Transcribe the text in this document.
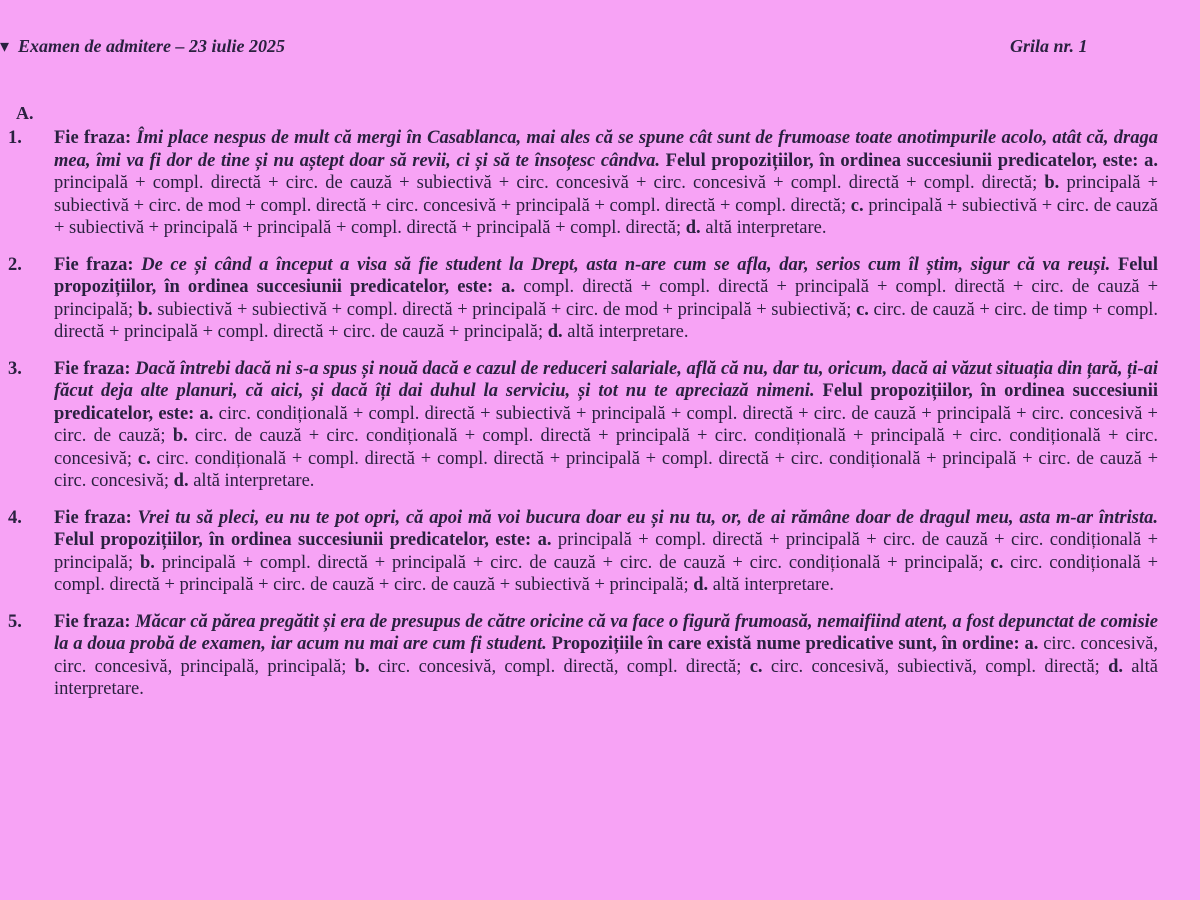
▾ Examen de admitere – 23 iulie 2025	Grila nr. 1
A.
1. Fie fraza: Îmi place nespus de mult că mergi în Casablanca, mai ales că se spune cât sunt de frumoase toate anotimpurile acolo, atât că, draga mea, îmi va fi dor de tine și nu aștept doar să revii, ci și să te însoțesc cândva. Felul propozițiilor, în ordinea succesiunii predicatelor, este: a. principală + compl. directă + circ. de cauză + subiectivă + circ. concesivă + circ. concesivă + compl. directă + compl. directă; b. principală + subiectivă + circ. de mod + compl. directă + circ. concesivă + principală + compl. directă + compl. directă; c. principală + subiectivă + circ. de cauză + subiectivă + principală + principală + compl. directă + principală + compl. directă; d. altă interpretare.
2. Fie fraza: De ce și când a început a visa să fie student la Drept, asta n-are cum se afla, dar, serios cum îl știm, sigur că va reuși. Felul propozițiilor, în ordinea succesiunii predicatelor, este: a. compl. directă + compl. directă + principală + compl. directă + circ. de cauză + principală; b. subiectivă + subiectivă + compl. directă + principală + circ. de mod + principală + subiectivă; c. circ. de cauză + circ. de timp + compl. directă + principală + compl. directă + circ. de cauză + principală; d. altă interpretare.
3. Fie fraza: Dacă întrebi dacă ni s-a spus și nouă dacă e cazul de reduceri salariale, află că nu, dar tu, oricum, dacă ai văzut situația din țară, ți-ai făcut deja alte planuri, că aici, și dacă îți dai duhul la serviciu, și tot nu te apreciază nimeni. Felul propozițiilor, în ordinea succesiunii predicatelor, este: a. circ. condițională + compl. directă + subiectivă + principală + compl. directă + circ. de cauză + principală + circ. concesivă + circ. de cauză; b. circ. de cauză + circ. condițională + compl. directă + principală + circ. condițională + principală + circ. condițională + circ. concesivă; c. circ. condițională + compl. directă + compl. directă + principală + compl. directă + circ. condițională + principală + circ. de cauză + circ. concesivă; d. altă interpretare.
4. Fie fraza: Vrei tu să pleci, eu nu te pot opri, că apoi mă voi bucura doar eu și nu tu, or, de ai rămâne doar de dragul meu, asta m-ar întrista. Felul propozițiilor, în ordinea succesiunii predicatelor, este: a. principală + compl. directă + principală + circ. de cauză + circ. condițională + principală; b. principală + compl. directă + principală + circ. de cauză + circ. de cauză + circ. condițională + principală; c. circ. condițională + compl. directă + principală + circ. de cauză + circ. de cauză + subiectivă + principală; d. altă interpretare.
5. Fie fraza: Măcar că părea pregătit și era de presupus de către oricine că va face o figură frumoasă, nemaifiind atent, a fost depunctat de comisie la a doua probă de examen, iar acum nu mai are cum fi student. Propozițiile în care există nume predicative sunt, în ordine: a. circ. concesivă, circ. concesivă, principală, principală; b. circ. concesivă, compl. directă, compl. directă; c. circ. concesivă, subiectivă, compl. directă; d. altă interpretare.
